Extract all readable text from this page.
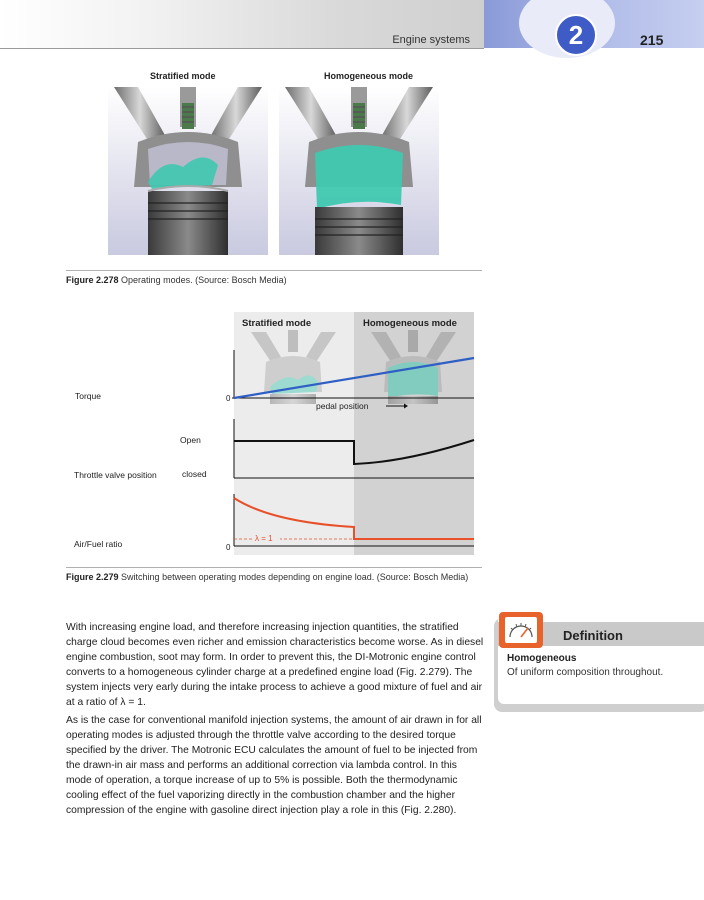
Engine systems	2	215
Stratified mode	Homogeneous mode
Figure 2.278 Operating modes. (Source: Bosch Media)
Stratified mode	Homogeneous mode
Torque
Open
Throttle valve position	closed
Air/Fuel ratio
0
0
pedal position
λ = 1
Figure 2.279 Switching between operating modes depending on engine load. (Source: Bosch Media)

With increasing engine load, and therefore increasing injection quantities, the stratified charge cloud becomes even richer and emission characteristics become worse. As in diesel engine combustion, soot may form. In order to prevent this, the DI-Motronic engine control converts to a homogeneous cylinder charge at a predefined engine load (Fig. 2.279). The system injects very early during the intake process to achieve a good mixture of fuel and air at a ratio of λ = 1.

As is the case for conventional manifold injection systems, the amount of air drawn in for all operating modes is adjusted through the throttle valve according to the desired torque specified by the driver. The Motronic ECU calculates the amount of fuel to be injected from the drawn-in air mass and performs an additional correction via lambda control. In this mode of operation, a torque increase of up to 5% is possible. Both the thermodynamic cooling effect of the fuel vaporizing directly in the combustion chamber and the higher compression of the engine with gasoline direct injection play a role in this (Fig. 2.280).

Definition
Homogeneous
Of uniform composition throughout.
